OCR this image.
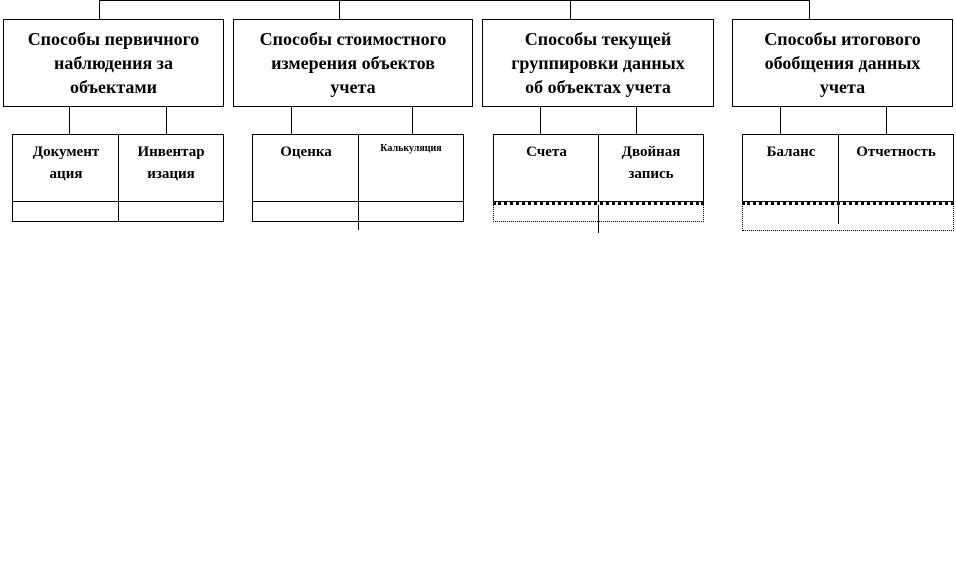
Способы первичного
наблюдения за
объектами
Документ
ация
Инвентар
изация
Способы стоимостного
измерения объектов
учета
Оценка	Калькуляция
Способы текущей
группировки данных
об объектах учета
Счета	Двойная
запись
Способы итогового
обобщения данных
учета
Баланс	Отчетность
